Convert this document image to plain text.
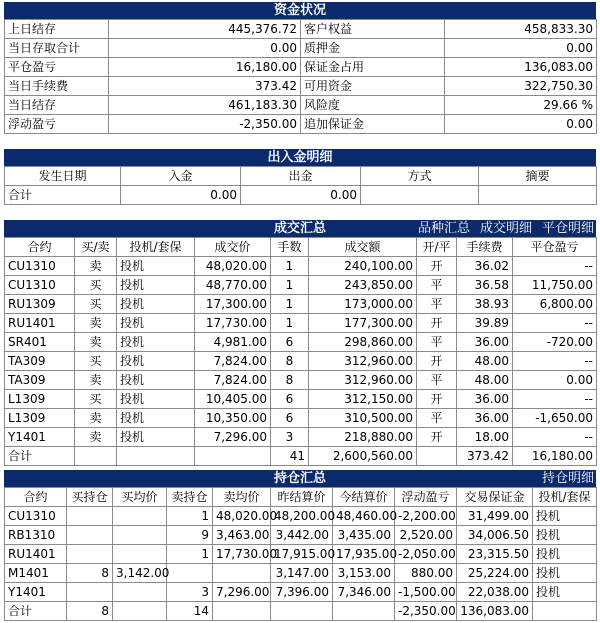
资金状况
上日结存	445,376.72	客户权益	458,833.30
当日存取合计	0.00	质押金	0.00
平仓盈亏	16,180.00	保证金占用	136,083.00
当日手续费	373.42	可用资金	322,750.30
当日结存	461,183.30	风险度	29.66 %
浮动盈亏	-2,350.00	追加保证金	0.00
出入金明细
发生日期	入金	出金	方式	摘要
合计	0.00	0.00		
成交汇总	品种汇总 成交明细 平仓明细
合约	买/卖	投机/套保	成交价	手数	成交额	开/平	手续费	平仓盈亏
CU1310	卖	投机	48,020.00	1	240,100.00	开	36.02	--
CU1310	买	投机	48,770.00	1	243,850.00	平	36.58	11,750.00
RU1309	买	投机	17,300.00	1	173,000.00	平	38.93	6,800.00
RU1401	卖	投机	17,730.00	1	177,300.00	开	39.89	--
SR401	卖	投机	4,981.00	6	298,860.00	平	36.00	-720.00
TA309	买	投机	7,824.00	8	312,960.00	开	48.00	--
TA309	卖	投机	7,824.00	8	312,960.00	平	48.00	0.00
L1309	买	投机	10,405.00	6	312,150.00	开	36.00	--
L1309	卖	投机	10,350.00	6	310,500.00	平	36.00	-1,650.00
Y1401	卖	投机	7,296.00	3	218,880.00	开	18.00	--
合计				41	2,600,560.00		373.42	16,180.00
持仓汇总	持仓明细
合约	买持仓	买均价	卖持仓	卖均价	昨结算价	今结算价	浮动盈亏	交易保证金	投机/套保
CU1310			1	48,020.00	48,200.00	48,460.00	-2,200.00	31,499.00	投机
RB1310			9	3,463.00	3,442.00	3,435.00	2,520.00	34,006.50	投机
RU1401			1	17,730.00	17,915.00	17,935.00	-2,050.00	23,315.50	投机
M1401	8	3,142.00			3,147.00	3,153.00	880.00	25,224.00	投机
Y1401			3	7,296.00	7,396.00	7,346.00	-1,500.00	22,038.00	投机
合计	8		14				-2,350.00	136,083.00	
